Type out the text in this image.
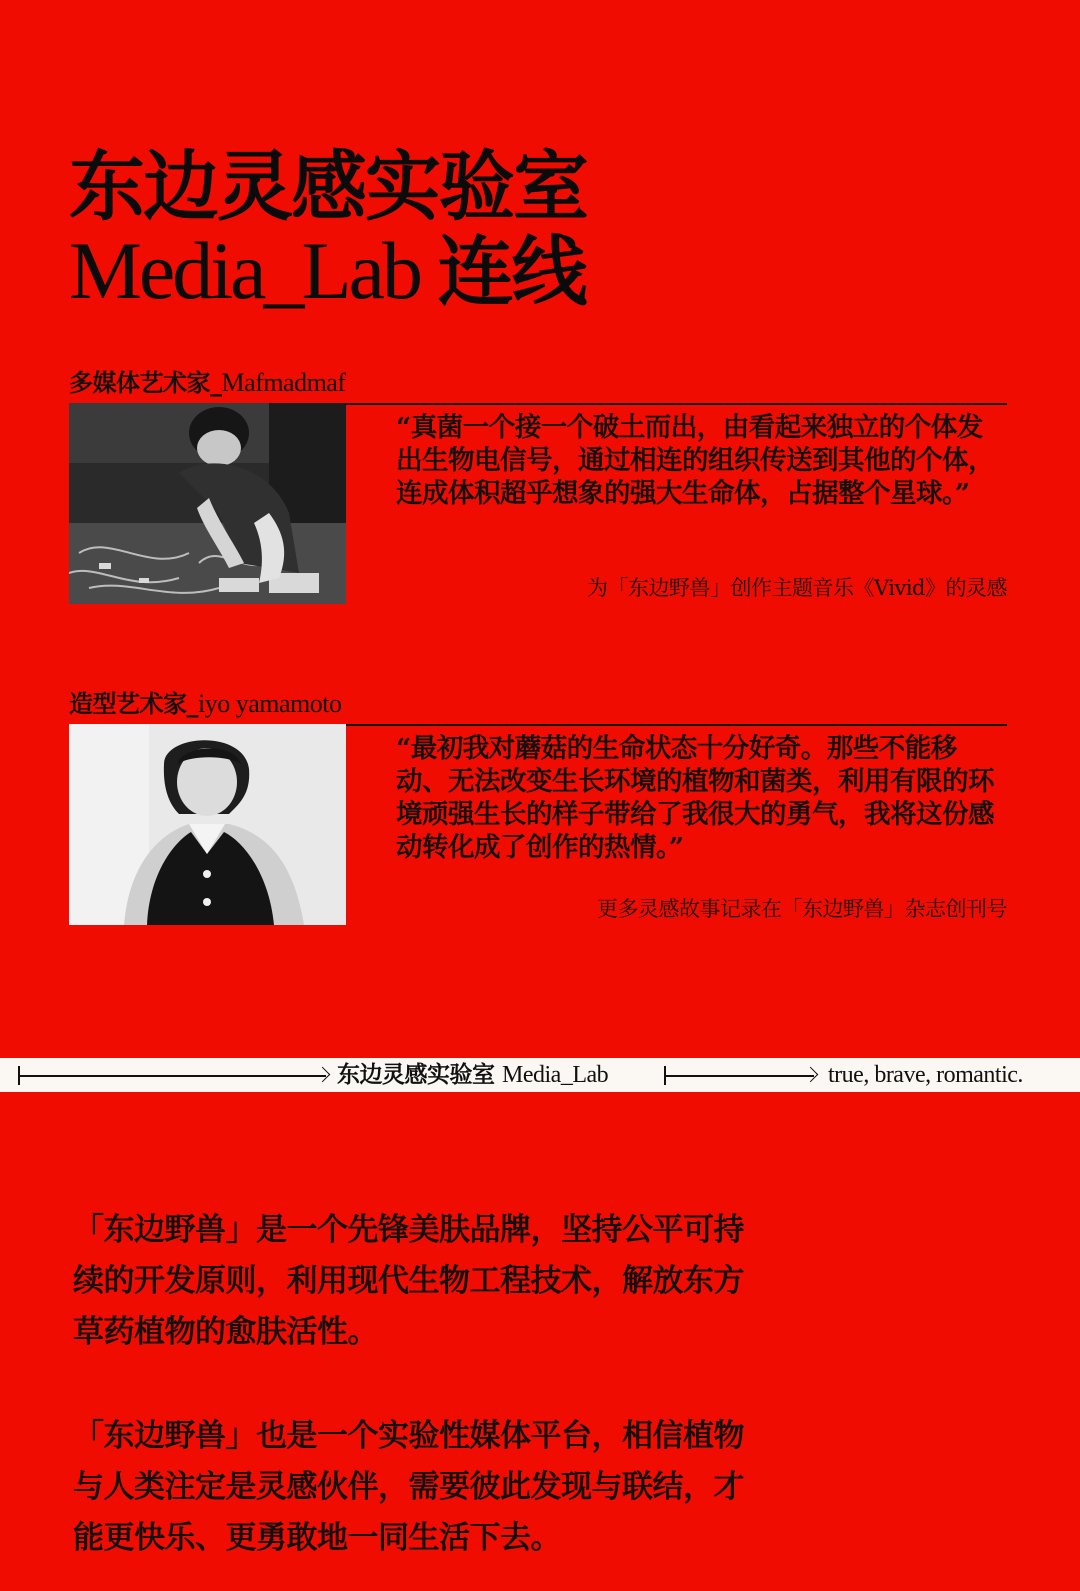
东边灵感实验室
Media_Lab 连线
多媒体艺术家_Mafmadmaf
“真菌一个接一个破土而出，由看起来独立的个体发出生物电信号，通过相连的组织传送到其他的个体，连成体积超乎想象的强大生命体，占据整个星球。”
为「东边野兽」创作主题音乐《Vivid》的灵感
造型艺术家_iyo yamamoto
“最初我对蘑菇的生命状态十分好奇。那些不能移动、无法改变生长环境的植物和菌类，利用有限的环境顽强生长的样子带给了我很大的勇气，我将这份感动转化成了创作的热情。”
更多灵感故事记录在「东边野兽」杂志创刊号
东边灵感实验室 Media_Lab	true, brave, romantic.
「东边野兽」是一个先锋美肤品牌，坚持公平可持续的开发原则，利用现代生物工程技术，解放东方草药植物的愈肤活性。
「东边野兽」也是一个实验性媒体平台，相信植物与人类注定是灵感伙伴，需要彼此发现与联结，才能更快乐、更勇敢地一同生活下去。
